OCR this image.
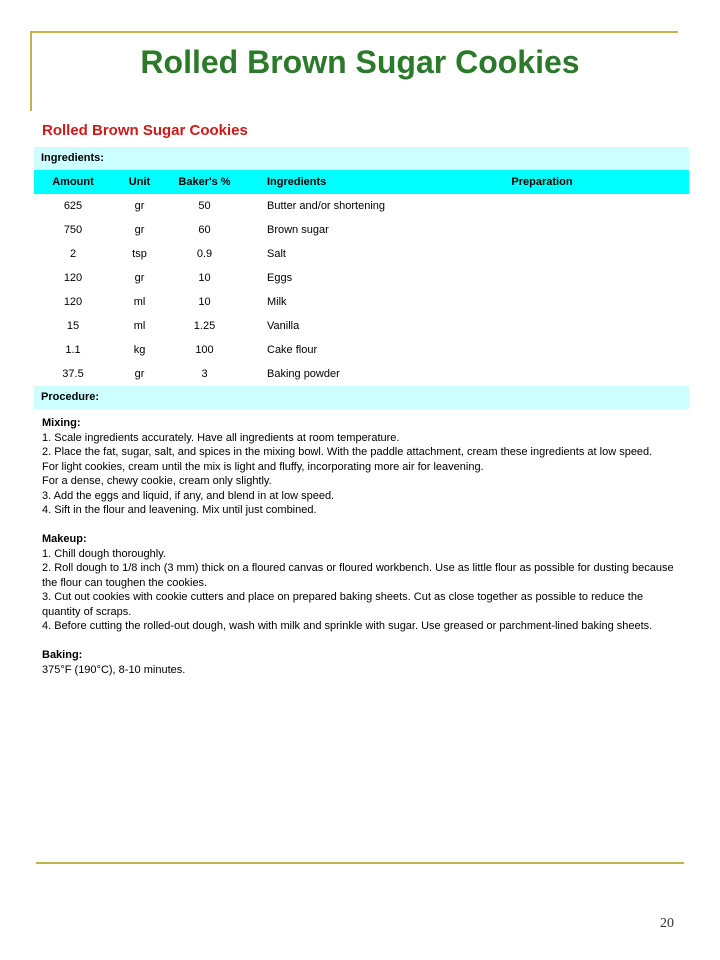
Rolled Brown Sugar Cookies
Rolled Brown Sugar Cookies
Ingredients:
Amount	Unit	Baker's %	Ingredients	Preparation
625	gr	50	Butter and/or shortening
750	gr	60	Brown sugar
2	tsp	0.9	Salt
120	gr	10	Eggs
120	ml	10	Milk
15	ml	1.25	Vanilla
1.1	kg	100	Cake flour
37.5	gr	3	Baking powder
Procedure:
Mixing:
1. Scale ingredients accurately. Have all ingredients at room temperature.
2. Place the fat, sugar, salt, and spices in the mixing bowl. With the paddle attachment, cream these ingredients at low speed.
For light cookies, cream until the mix is light and fluffy, incorporating more air for leavening.
For a dense, chewy cookie, cream only slightly.
3. Add the eggs and liquid, if any, and blend in at low speed.
4. Sift in the flour and leavening. Mix until just combined.
Makeup:
1. Chill dough thoroughly.
2. Roll dough to 1/8 inch (3 mm) thick on a floured canvas or floured workbench. Use as little flour as possible for dusting because the flour can toughen the cookies.
3. Cut out cookies with cookie cutters and place on prepared baking sheets. Cut as close together as possible to reduce the quantity of scraps.
4. Before cutting the rolled-out dough, wash with milk and sprinkle with sugar. Use greased or parchment-lined baking sheets.
Baking:
375°F (190°C), 8-10 minutes.
20
